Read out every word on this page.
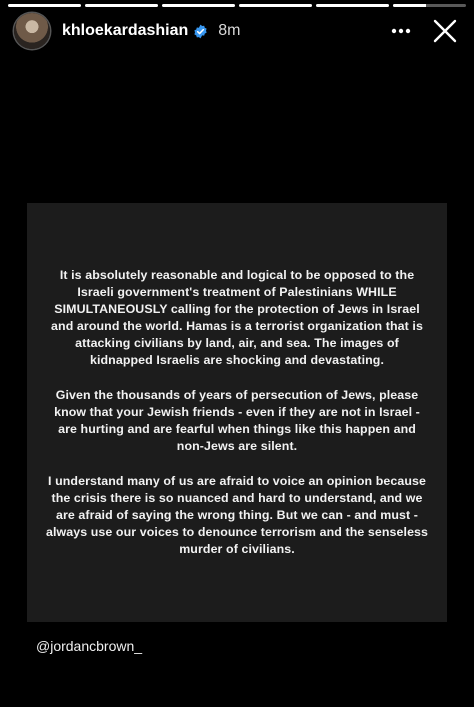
khloekardashian 8m

It is absolutely reasonable and logical to be opposed to the Israeli government's treatment of Palestinians WHILE SIMULTANEOUSLY calling for the protection of Jews in Israel and around the world. Hamas is a terrorist organization that is attacking civilians by land, air, and sea. The images of kidnapped Israelis are shocking and devastating.

Given the thousands of years of persecution of Jews, please know that your Jewish friends - even if they are not in Israel - are hurting and are fearful when things like this happen and non-Jews are silent.

I understand many of us are afraid to voice an opinion because the crisis there is so nuanced and hard to understand, and we are afraid of saying the wrong thing. But we can - and must - always use our voices to denounce terrorism and the senseless murder of civilians.

@jordancbrown_
